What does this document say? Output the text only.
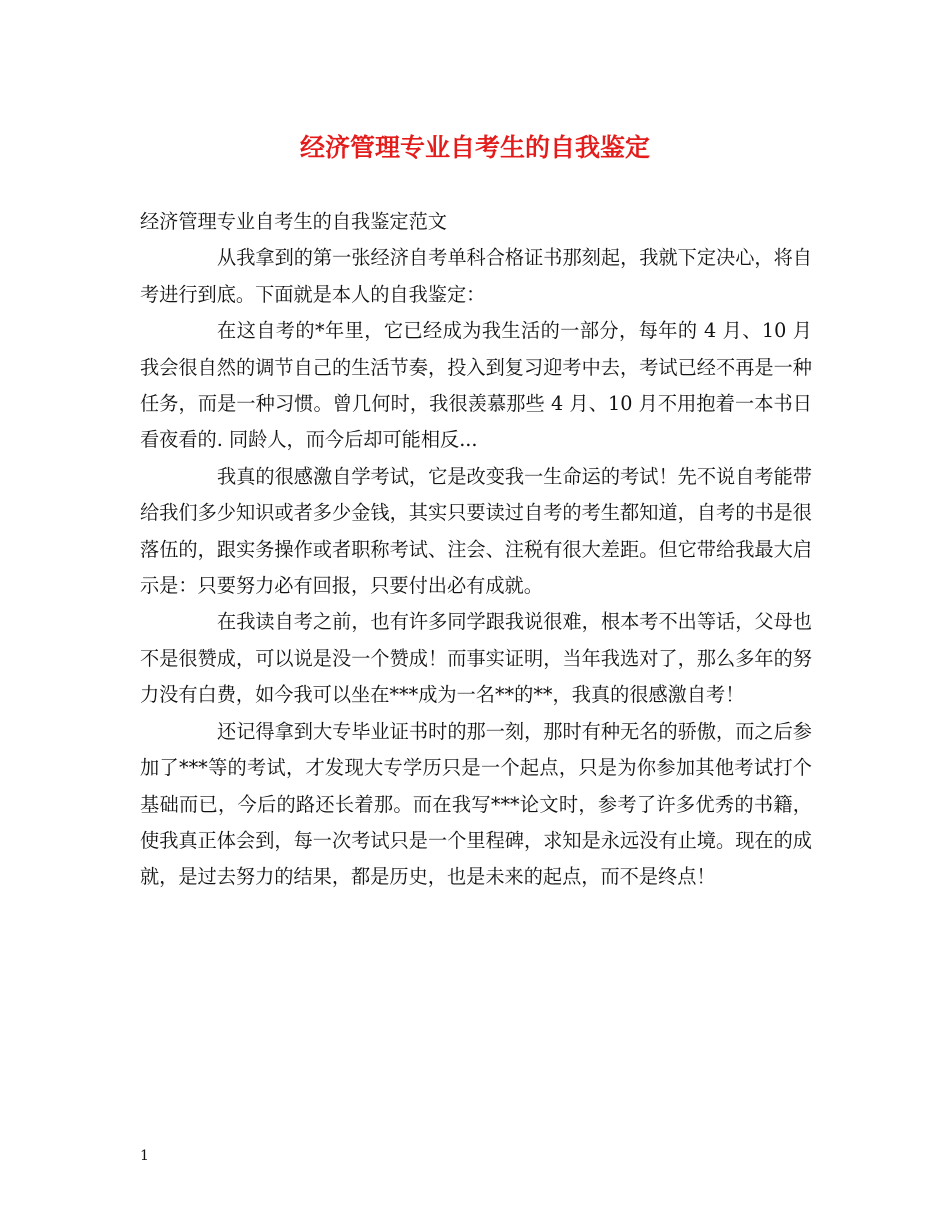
经济管理专业自考生的自我鉴定

经济管理专业自考生的自我鉴定范文

从我拿到的第一张经济自考单科合格证书那刻起，我就下定决心，将自考进行到底。下面就是本人的自我鉴定：

在这自考的*年里，它已经成为我生活的一部分，每年的 4 月、10 月我会很自然的调节自己的生活节奏，投入到复习迎考中去，考试已经不再是一种任务，而是一种习惯。曾几何时，我很羡慕那些 4 月、10 月不用抱着一本书日看夜看的. 同龄人，而今后却可能相反...

我真的很感激自学考试，它是改变我一生命运的考试！先不说自考能带给我们多少知识或者多少金钱，其实只要读过自考的考生都知道，自考的书是很落伍的，跟实务操作或者职称考试、注会、注税有很大差距。但它带给我最大启示是：只要努力必有回报，只要付出必有成就。

在我读自考之前，也有许多同学跟我说很难，根本考不出等话，父母也不是很赞成，可以说是没一个赞成！而事实证明，当年我选对了，那么多年的努力没有白费，如今我可以坐在***成为一名**的**，我真的很感激自考！

还记得拿到大专毕业证书时的那一刻，那时有种无名的骄傲，而之后参加了***等的考试，才发现大专学历只是一个起点，只是为你参加其他考试打个基础而已，今后的路还长着那。而在我写***论文时，参考了许多优秀的书籍，使我真正体会到，每一次考试只是一个里程碑，求知是永远没有止境。现在的成就，是过去努力的结果，都是历史，也是未来的起点，而不是终点！

1
